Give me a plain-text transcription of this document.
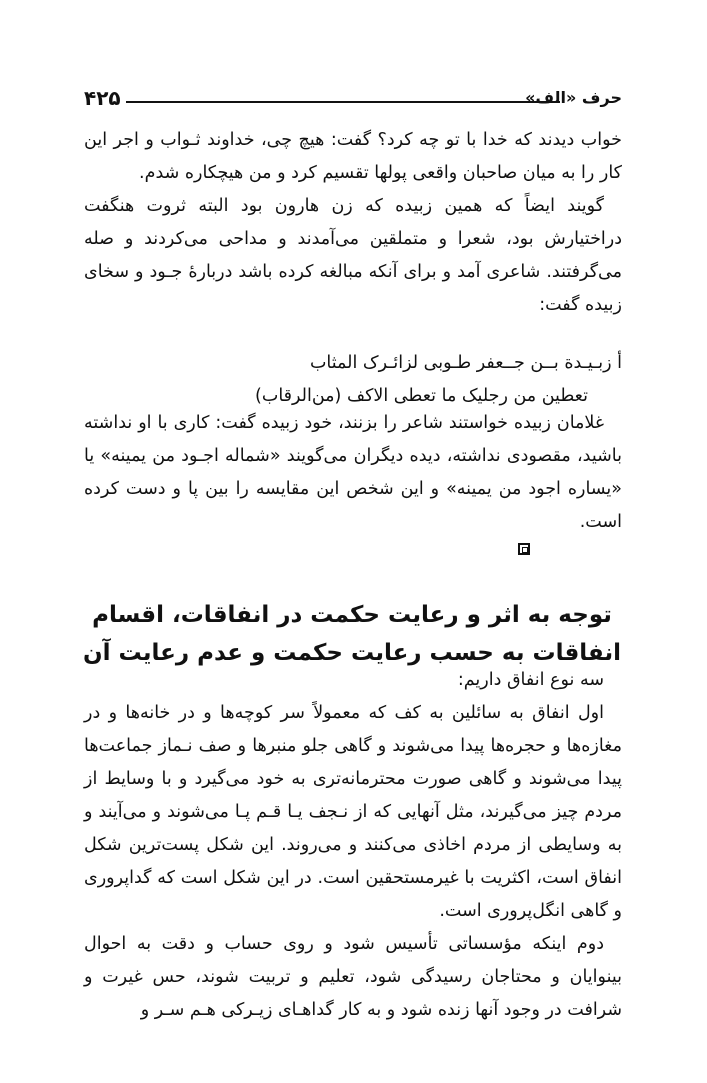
۴۲۵	حرف «الف»

خواب دیدند که خدا با تو چه کرد؟ گفت: هیچ چی، خداوند ثـواب و اجر این کار را به میان صاحبان واقعی پولها تقسیم کرد و من هیچکاره شدم.

گویند ایضاً که همین زبیده که زن هارون بود البته ثروت هنگفت دراختیارش بود، شعرا و متملقین می‌آمدند و مداحی می‌کردند و صله می‌گرفتند. شاعری آمد و برای آنکه مبالغه کرده باشد دربارهٔ جـود و سخای زبیده گفت:

أ زبـیـدة بــن جــعفر طـوبی لزائـرک المثاب
تعطین من رجلیک ما تعطی الاکف (من‌الرقاب)

غلامان زبیده خواستند شاعر را بزنند، خود زبیده گفت: کاری با او نداشته باشید، مقصودی نداشته، دیده دیگران می‌گویند «شماله اجـود من یمینه» یا «یساره اجود من یمینه» و این شخص این مقایسه را بین پا و دست کرده است.

توجه به اثر و رعایت حکمت در انفاقات، اقسام انفاقات به حسب رعایت حکمت و عدم رعایت آن

سه نوع انفاق داریم:

اول انفاق به سائلین به کف که معمولاً سر کوچه‌ها و در خانه‌ها و در مغازه‌ها و حجره‌ها پیدا می‌شوند و گاهی جلو منبرها و صف نـماز جماعت‌ها پیدا می‌شوند و گاهی صورت محترمانه‌تری به خود می‌گیرد و با وسایط از مردم چیز می‌گیرند، مثل آنهایی که از نـجف یـا قـم پـا می‌شوند و می‌آیند و به وسایطی از مردم اخاذی می‌کنند و می‌روند. این شکل پست‌ترین شکل انفاق است، اکثریت با غیرمستحقین است. در این شکل است که گداپروری و گاهی انگل‌پروری است.

دوم اینکه مؤسساتی تأسیس شود و روی حساب و دقت به احوال بینوایان و محتاجان رسیدگی شود، تعلیم و تربیت شوند، حس غیرت و شرافت در وجود آنها زنده شود و به کار گداهـای زیـرکی هـم سـر و
